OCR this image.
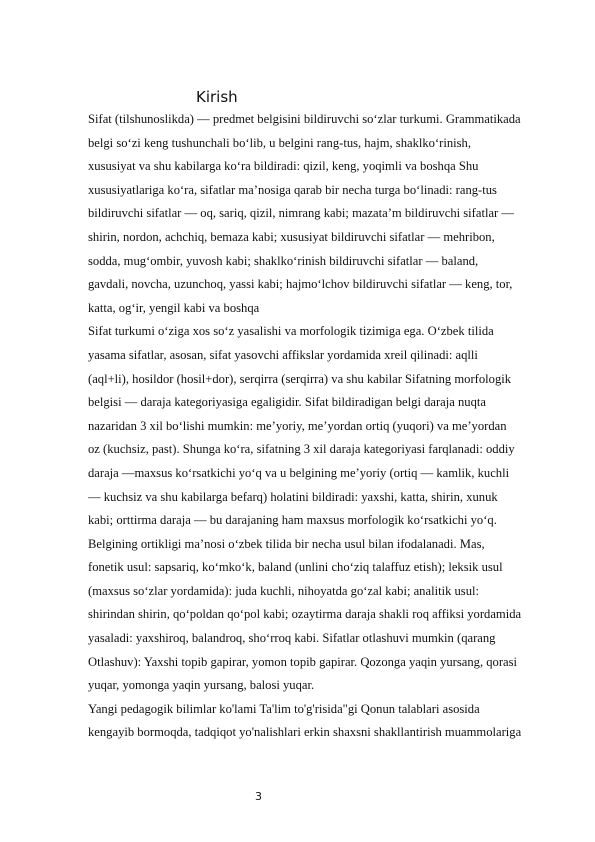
Kirish
Sifat (tilshunoslikda) — predmet belgisini bildiruvchi soʻzlar turkumi. Grammatikada
belgi soʻzi keng tushunchali bo‘lib, u belgini rang-tus, hajm, shaklko‘rinish,
xususiyat va shu kabilarga koʻra bildiradi: qizil, keng, yoqimli va boshqa Shu
xususiyatlariga koʻra, sifatlar maʼnosiga qarab bir necha turga boʻlinadi: rang-tus
bildiruvchi sifatlar — oq, sariq, qizil, nimrang kabi; mazataʼm bildiruvchi sifatlar —
shirin, nordon, achchiq, bemaza kabi; xususiyat bildiruvchi sifatlar — mehribon,
sodda, mugʻombir, yuvosh kabi; shaklkoʻrinish bildiruvchi sifatlar — baland,
gavdali, novcha, uzunchoq, yassi kabi; hajmoʻlchov bildiruvchi sifatlar — keng, tor,
katta, ogʻir, yengil kabi va boshqa
Sifat turkumi oʻziga xos soʻz yasalishi va morfologik tizimiga ega. Oʻzbek tilida
yasama sifatlar, asosan, sifat yasovchi affikslar yordamida xreil qilinadi: aqlli
(aql+li), hosildor (hosil+dor), serqirra (serqirra) va shu kabilar Sifatning morfologik
belgisi — daraja kategoriyasiga egaligidir. Sifat bildiradigan belgi daraja nuqta
nazaridan 3 xil boʻlishi mumkin: meʼyoriy, meʼyordan ortiq (yuqori) va meʼyordan
oz (kuchsiz, past). Shunga koʻra, sifatning 3 xil daraja kategoriyasi farqlanadi: oddiy
daraja —maxsus koʻrsatkichi yoʻq va u belgining meʼyoriy (ortiq — kamlik, kuchli
— kuchsiz va shu kabilarga befarq) holatini bildiradi: yaxshi, katta, shirin, xunuk
kabi; orttirma daraja — bu darajaning ham maxsus morfologik koʻrsatkichi yoʻq.
Belgining ortikligi maʼnosi oʻzbek tilida bir necha usul bilan ifodalanadi. Mas,
fonetik usul: sapsariq, koʻmkoʻk, baland (unlini choʻziq talaffuz etish); leksik usul
(maxsus soʻzlar yordamida): juda kuchli, nihoyatda goʻzal kabi; analitik usul:
shirindan shirin, qoʻpoldan qoʻpol kabi; ozaytirma daraja shakli roq affiksi yordamida
yasaladi: yaxshiroq, balandroq, shoʻrroq kabi. Sifatlar otlashuvi mumkin (qarang
Otlashuv): Yaxshi topib gapirar, yomon topib gapirar. Qozonga yaqin yursang, qorasi
yuqar, yomonga yaqin yursang, balosi yuqar.
Yangi pedagogik bilimlar ko'lami Ta'lim to'g'risida"gi Qonun talablari asosida
kengayib bormoqda, tadqiqot yo'nalishlari erkin shaxsni shakllantirish muammolariga
3
